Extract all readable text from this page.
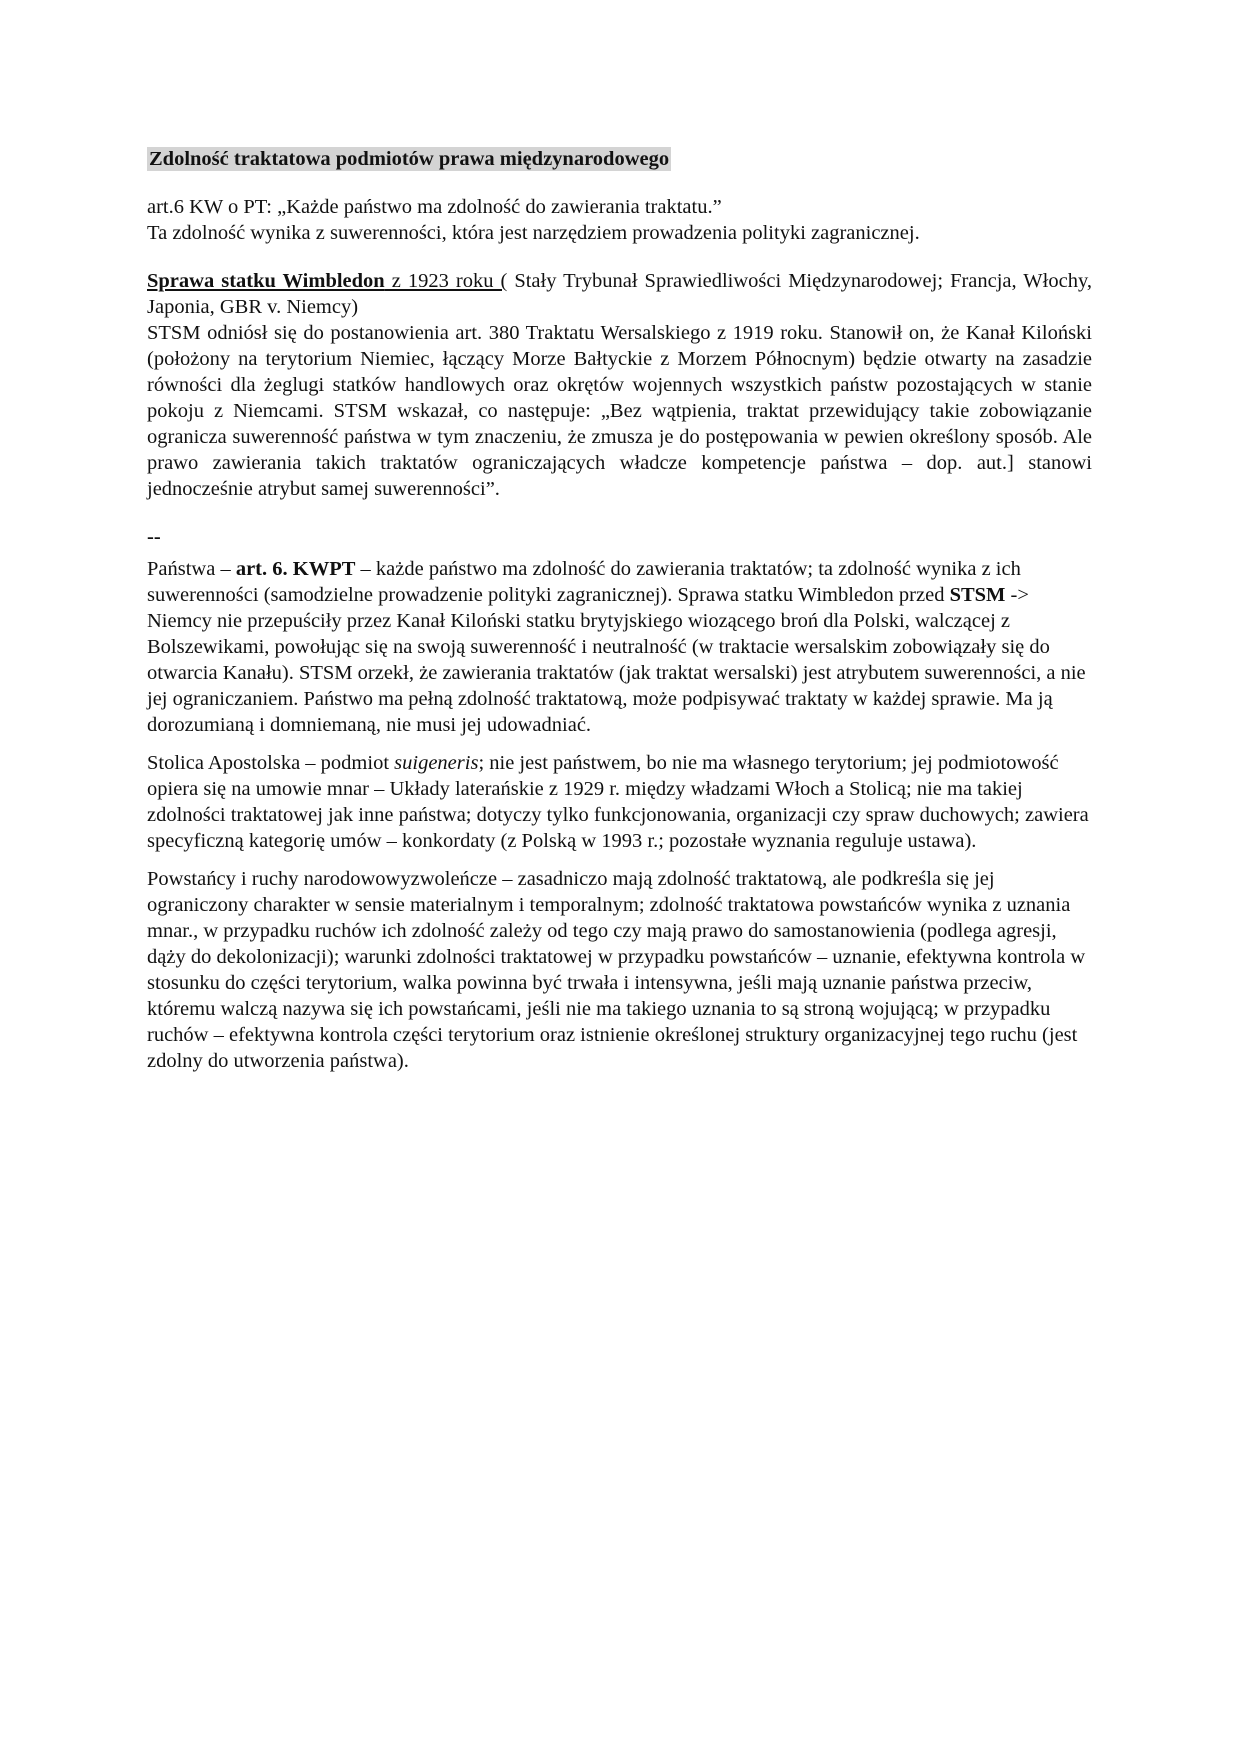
Zdolność traktatowa podmiotów prawa międzynarodowego

art.6 KW o PT: „Każde państwo ma zdolność do zawierania traktatu.”

Ta zdolność wynika z suwerenności, która jest narzędziem prowadzenia polityki zagranicznej.

Sprawa statku Wimbledon z 1923 roku ( Stały Trybunał Sprawiedliwości Międzynarodowej; Francja, Włochy, Japonia, GBR v. Niemcy)

STSM odniósł się do postanowienia art. 380 Traktatu Wersalskiego z 1919 roku. Stanowił on, że Kanał Kiloński (położony na terytorium Niemiec, łączący Morze Bałtyckie z Morzem Północnym) będzie otwarty na zasadzie równości dla żeglugi statków handlowych oraz okrętów wojennych wszystkich państw pozostających w stanie pokoju z Niemcami. STSM wskazał, co następuje: „Bez wątpienia, traktat przewidujący takie zobowiązanie ogranicza suwerenność państwa w tym znaczeniu, że zmusza je do postępowania w pewien określony sposób. Ale prawo zawierania takich traktatów ograniczających władcze kompetencje państwa – dop. aut.] stanowi jednocześnie atrybut samej suwerenności”.

--

Państwa – art. 6. KWPT – każde państwo ma zdolność do zawierania traktatów; ta zdolność wynika z ich suwerenności (samodzielne prowadzenie polityki zagranicznej). Sprawa statku Wimbledon przed STSM -> Niemcy nie przepuściły przez Kanał Kiloński statku brytyjskiego wiozącego broń dla Polski, walczącej z Bolszewikami, powołując się na swoją suwerenność i neutralność (w traktacie wersalskim zobowiązały się do otwarcia Kanału). STSM orzekł, że zawierania traktatów (jak traktat wersalski) jest atrybutem suwerenności, a nie jej ograniczaniem. Państwo ma pełną zdolność traktatową, może podpisywać traktaty w każdej sprawie. Ma ją dorozumianą i domniemaną, nie musi jej udowadniać.

Stolica Apostolska – podmiot suigeneris; nie jest państwem, bo nie ma własnego terytorium; jej podmiotowość opiera się na umowie mnar – Układy laterańskie z 1929 r. między władzami Włoch a Stolicą; nie ma takiej zdolności traktatowej jak inne państwa; dotyczy tylko funkcjonowania, organizacji czy spraw duchowych; zawiera specyficzną kategorię umów – konkordaty (z Polską w 1993 r.; pozostałe wyznania reguluje ustawa).

Powstańcy i ruchy narodowowyzwoleńcze – zasadniczo mają zdolność traktatową, ale podkreśla się jej ograniczony charakter w sensie materialnym i temporalnym; zdolność traktatowa powstańców wynika z uznania mnar., w przypadku ruchów ich zdolność zależy od tego czy mają prawo do samostanowienia (podlega agresji, dąży do dekolonizacji); warunki zdolności traktatowej w przypadku powstańców – uznanie, efektywna kontrola w stosunku do części terytorium, walka powinna być trwała i intensywna, jeśli mają uznanie państwa przeciw, któremu walczą nazywa się ich powstańcami, jeśli nie ma takiego uznania to są stroną wojującą; w przypadku ruchów – efektywna kontrola części terytorium oraz istnienie określonej struktury organizacyjnej tego ruchu (jest zdolny do utworzenia państwa).
